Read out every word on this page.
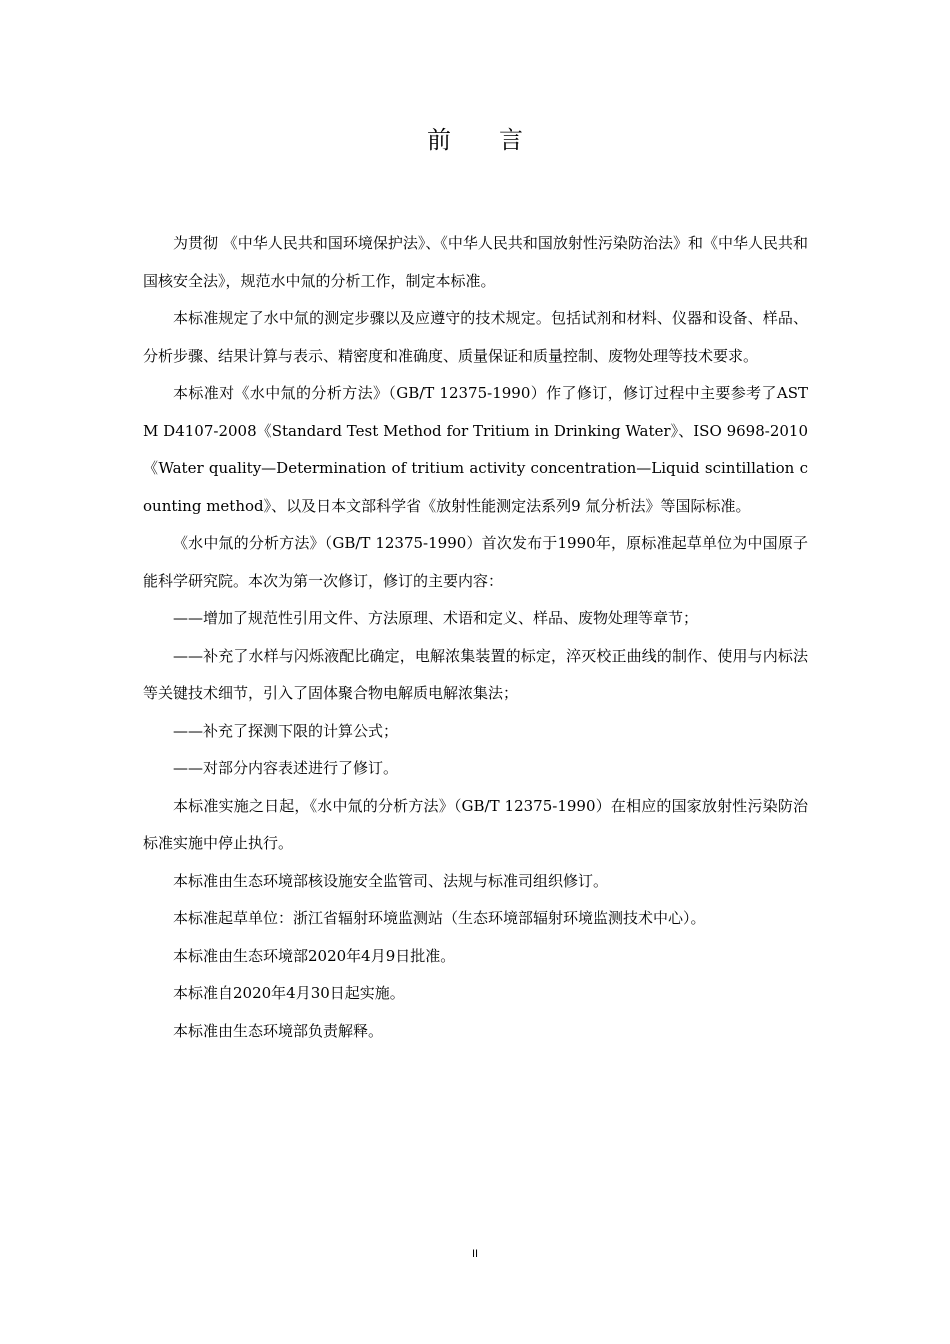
前言

为贯彻 《中华人民共和国环境保护法》、《中华人民共和国放射性污染防治法》和《中华人民共和国核安全法》，规范水中氚的分析工作，制定本标准。

本标准规定了水中氚的测定步骤以及应遵守的技术规定。包括试剂和材料、仪器和设备、样品、分析步骤、结果计算与表示、精密度和准确度、质量保证和质量控制、废物处理等技术要求。

本标准对《水中氚的分析方法》（GB/T 12375-1990）作了修订，修订过程中主要参考了ASTM D4107-2008《Standard Test Method for Tritium in Drinking Water》、ISO 9698-2010《Water quality—Determination of tritium activity concentration—Liquid scintillation counting method》、以及日本文部科学省《放射性能测定法系列9 氚分析法》等国际标准。

《水中氚的分析方法》（GB/T 12375-1990）首次发布于1990年，原标准起草单位为中国原子能科学研究院。本次为第一次修订，修订的主要内容：

——增加了规范性引用文件、方法原理、术语和定义、样品、废物处理等章节；

——补充了水样与闪烁液配比确定，电解浓集装置的标定，淬灭校正曲线的制作、使用与内标法等关键技术细节，引入了固体聚合物电解质电解浓集法；

——补充了探测下限的计算公式；

——对部分内容表述进行了修订。

本标准实施之日起，《水中氚的分析方法》（GB/T 12375-1990）在相应的国家放射性污染防治标准实施中停止执行。

本标准由生态环境部核设施安全监管司、法规与标准司组织修订。

本标准起草单位：浙江省辐射环境监测站（生态环境部辐射环境监测技术中心）。

本标准由生态环境部2020年4月9日批准。

本标准自2020年4月30日起实施。

本标准由生态环境部负责解释。

II
